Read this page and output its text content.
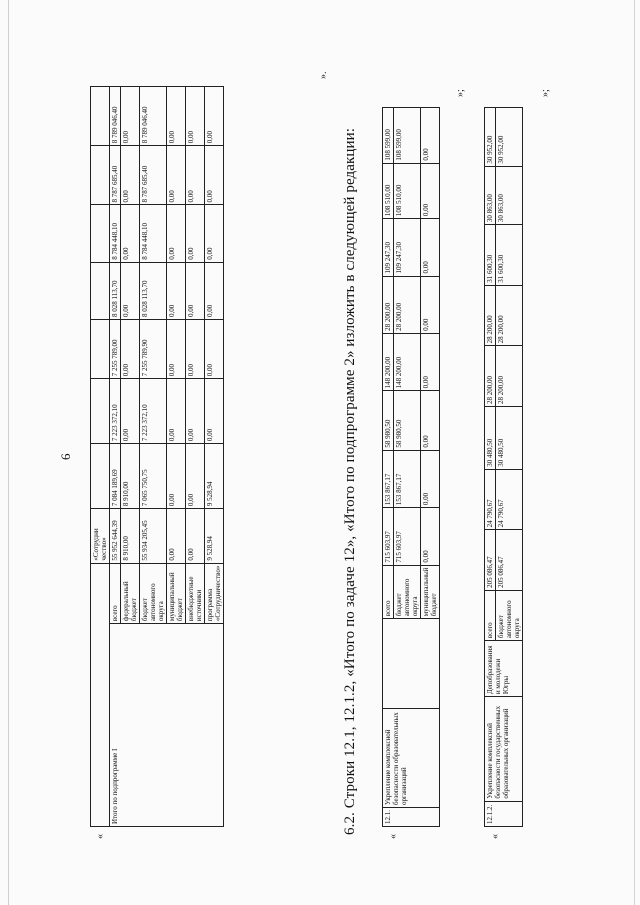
6
«
		«Сотрудни чество»							
Итого по подпрограмме I	всего	55 952 644,39	7 084 189,69	7 223 372,10	7 255 789,00	8 028 113,70	8 784 448,10	8 787 685,40	8 789 046,40
	федеральный бюджет	8 910,00	8 910,00	0,00	0,00	0,00	0,00	0,00	0,00
	бюджет автономного округа	55 934 205,45	7 065 750,75	7 223 372,10	7 255 789,90	8 028 113,70	8 784 448,10	8 787 685,40	8 789 046,40
	муниципальный бюджет	0,00	0,00	0,00	0,00	0,00	0,00	0,00	0,00
	внебюджетные источники	0,00	0,00	0,00	0,00	0,00	0,00	0,00	0,00
	программа «Сотрудничество»	9 528,94	9 528,94	0,00	0,00	0,00	0,00	0,00	0,00
».
6.2. Строки 12.1, 12.1.2, «Итого по задаче 12», «Итого по подпрограмме 2» изложить в следующей редакции:
«
12.1.	Укрепление комплексной безопасности образовательных организаций		всего	715 603,97	153 867,17	58 980,50	148 200,00	28 200,00	109 247,30	108 510,00	108 599,00
			бюджет автономного округа	715 603,97	153 867,17	58 980,50	148 200,00	28 200,00	109 247,30	108 510,00	108 599,00
			муниципальный бюджет	0,00	0,00	0,00	0,00	0,00	0,00	0,00	0,00
»;
«
12.1.2.	Укрепление комплексной безопасности государственных образовательных организаций	Депобразования и молодежи Югры	всего	205 086,47	24 790,67	30 480,50	28 200,00	28 200,00	31 600,30	30 863,00	30 952,00
			бюджет автономного округа	205 086,47	24 790,67	30 480,50	28 200,00	28 200,00	31 600,30	30 863,00	30 952,00
»;
